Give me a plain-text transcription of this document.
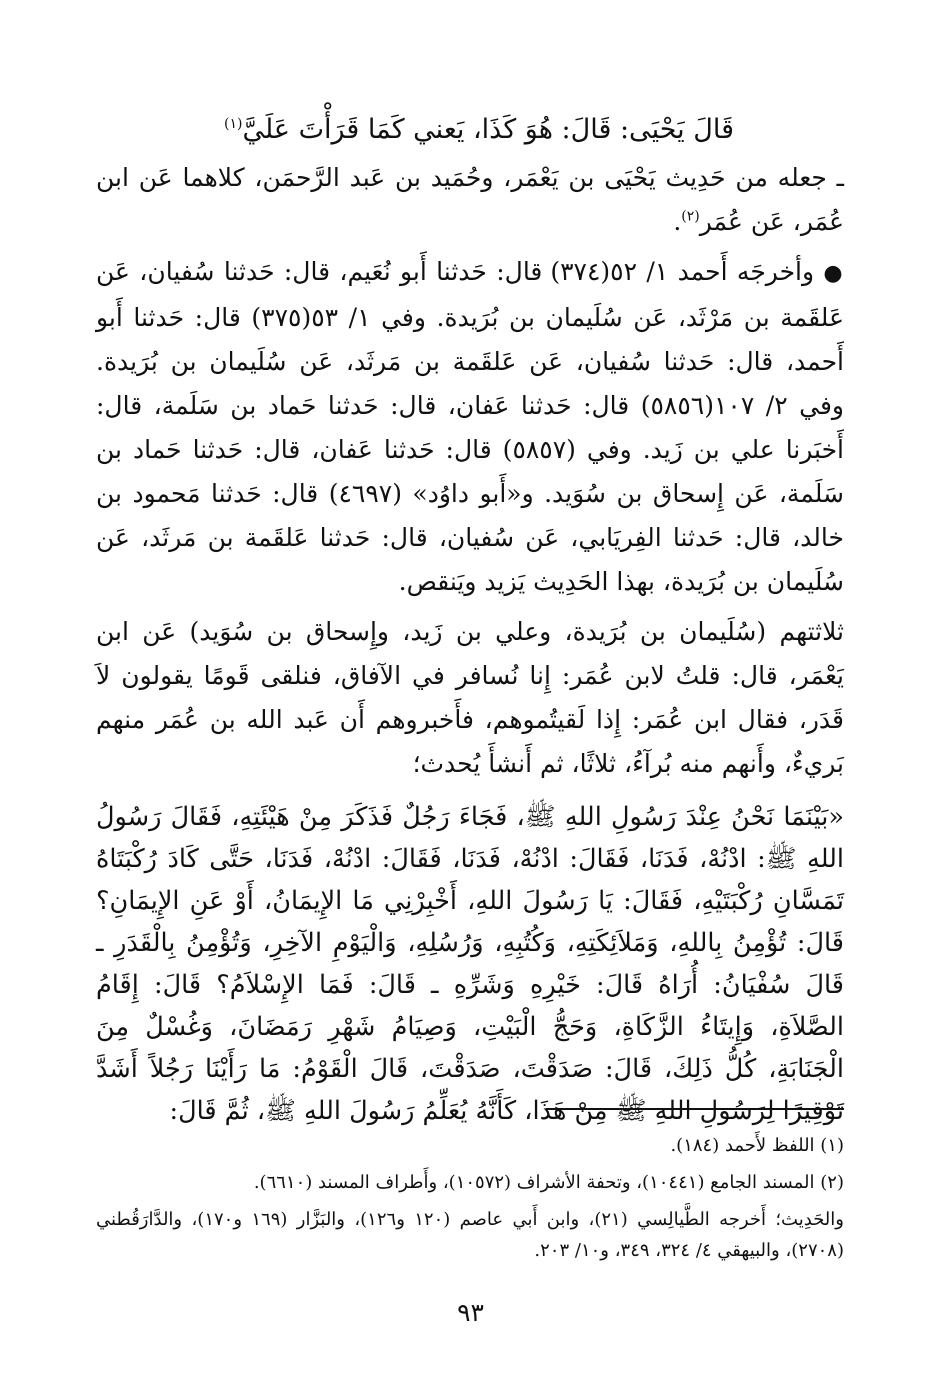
قَالَ يَحْيَى: قَالَ: هُوَ كَذَا، يَعني كَمَا قَرَأْتَ عَلَيَّ$^{(١)}$

ـ جعله من حَدِيث يَحْيَى بن يَعْمَر، وحُمَيد بن عَبد الرَّحمَن، كلاهما عَن ابن عُمَر، عَن عُمَر$^{(٢)}$.

● وأخرجَه أَحمد ١/ ٥٢(٣٧٤) قال: حَدثنا أَبو نُعَيم، قال: حَدثنا سُفيان، عَن عَلقَمة بن مَرْثَد، عَن سُلَيمان بن بُرَيدة. وفي ١/ ٥٣(٣٧٥) قال: حَدثنا أَبو أَحمد، قال: حَدثنا سُفيان، عَن عَلقَمة بن مَرثَد، عَن سُلَيمان بن بُرَيدة. وفي ٢/ ١٠٧(٥٨٥٦) قال: حَدثنا عَفان، قال: حَدثنا حَماد بن سَلَمة، قال: أَخبَرنا علي بن زَيد. وفي (٥٨٥٧) قال: حَدثنا عَفان، قال: حَدثنا حَماد بن سَلَمة، عَن إِسحاق بن سُوَيد. و«أَبو داوُد» (٤٦٩٧) قال: حَدثنا مَحمود بن خالد، قال: حَدثنا الفِريَابي، عَن سُفيان، قال: حَدثنا عَلقَمة بن مَرثَد، عَن سُلَيمان بن بُرَيدة، بهذا الحَدِيث يَزيد ويَنقص.

ثلاثتهم (سُلَيمان بن بُرَيدة، وعلي بن زَيد، وإِسحاق بن سُوَيد) عَن ابن يَعْمَر، قال: قلتُ لابن عُمَر: إِنا نُسافر في الآفاق، فنلقى قَومًا يقولون لاَ قَدَر، فقال ابن عُمَر: إِذا لَقيتُموهم، فأَخبروهم أَن عَبد الله بن عُمَر منهم بَريءٌ، وأَنهم منه بُرآءُ، ثلاثًا، ثم أَنشأَ يُحدث؛

«بَيْنَمَا نَحْنُ عِنْدَ رَسُولِ اللهِ ﷺ، فَجَاءَ رَجُلٌ فَذَكَرَ مِنْ هَيْئَتِهِ، فَقَالَ رَسُولُ اللهِ ﷺ: ادْنُهْ، فَدَنَا، فَقَالَ: ادْنُهْ، فَدَنَا، فَقَالَ: ادْنُهْ، فَدَنَا، حَتَّى كَادَ رُكْبَتَاهُ تَمَسَّانِ رُكْبَتَيْهِ، فَقَالَ: يَا رَسُولَ اللهِ، أَخْبِرْنِي مَا الإِيمَانُ، أَوْ عَنِ الإِيمَانِ؟ قَالَ: تُؤْمِنُ بِاللهِ، وَمَلاَئِكَتِهِ، وَكُتُبِهِ، وَرُسُلِهِ، وَالْيَوْمِ الآخِرِ، وَتُؤْمِنُ بِالْقَدَرِ ـ قَالَ سُفْيَانُ: أُرَاهُ قَالَ: خَيْرِهِ وَشَرِّهِ ـ قَالَ: فَمَا الإِسْلاَمُ؟ قَالَ: إِقَامُ الصَّلاَةِ، وَإِيتَاءُ الزَّكَاةِ، وَحَجُّ الْبَيْتِ، وَصِيَامُ شَهْرِ رَمَضَانَ، وَغُسْلٌ مِنَ الْجَنَابَةِ، كُلُّ ذَلِكَ، قَالَ: صَدَقْتَ، صَدَقْتَ، قَالَ الْقَوْمُ: مَا رَأَيْنَا رَجُلاً أَشَدَّ تَوْقِيرًا لِرَسُولِ اللهِ ﷺ مِنْ هَذَا، كَأَنَّهُ يُعَلِّمُ رَسُولَ اللهِ ﷺ، ثُمَّ قَالَ:

(١) اللفظ لأَحمد (١٨٤).

(٢) المسند الجامع (١٠٤٤١)، وتحفة الأشراف (١٠٥٧٢)، وأَطراف المسند (٦٦١٠).

والحَدِيث؛ أَخرجه الطَّيالِسي (٢١)، وابن أَبي عاصم (١٢٠ و١٢٦)، والبَزَّار (١٦٩ و١٧٠)، والدَّارَقُطني (٢٧٠٨)، والبيهقي ٤/ ٣٢٤، ٣٤٩، و١٠/ ٢٠٣.

٩٣
